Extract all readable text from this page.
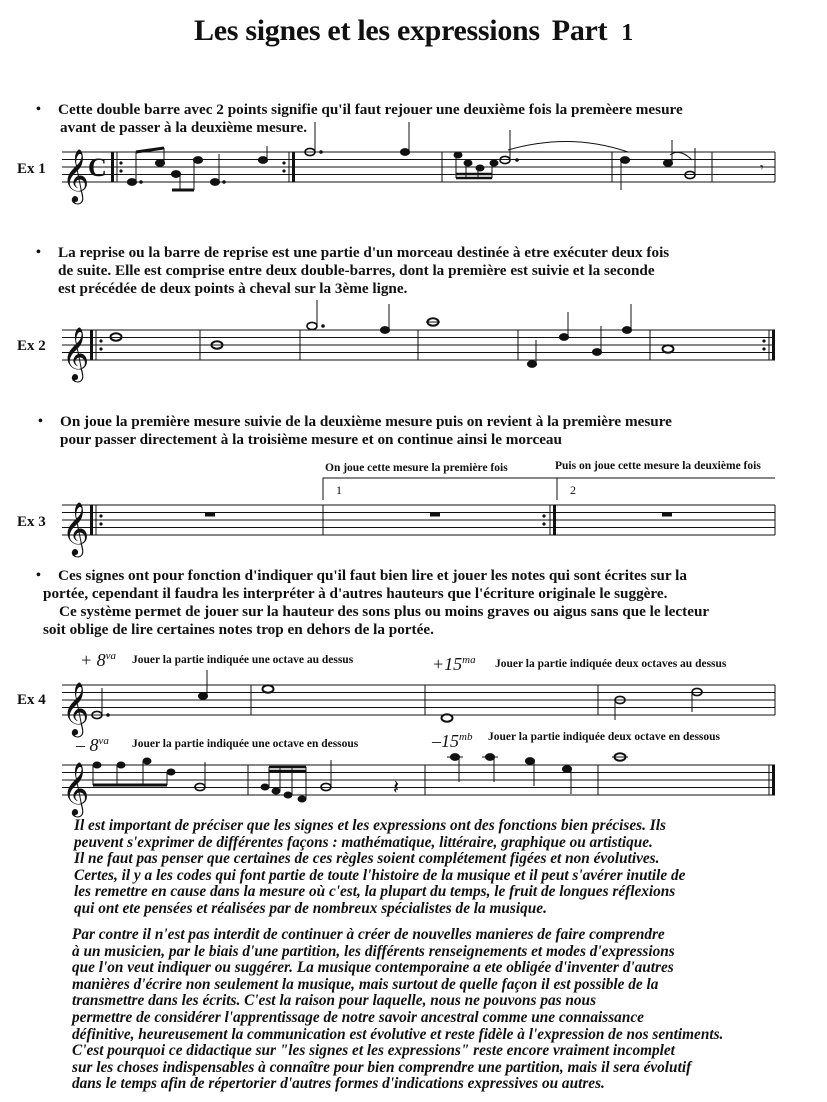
Les signes et les expressions Part 1
• Cette double barre avec 2 points signifie qu'il faut rejouer une deuxième fois la premèere mesure
avant de passer à la deuxième mesure.
• La reprise ou la barre de reprise est une partie d'un morceau destinée à etre exécuter deux fois
de suite. Elle est comprise entre deux double-barres, dont la première est suivie et la seconde
est précédée de deux points à cheval sur la 3ème ligne.
• On joue la première mesure suivie de la deuxième mesure puis on revient à la première mesure
pour passer directement à la troisième mesure et on continue ainsi le morceau
• Ces signes ont pour fonction d'indiquer qu'il faut bien lire et jouer les notes qui sont écrites sur la
portée, cependant il faudra les interpréter à d'autres hauteurs que l'écriture originale le suggère.
Ce système permet de jouer sur la hauteur des sons plus ou moins graves ou aigus sans que le lecteur
soit oblige de lire certaines notes trop en dehors de la portée.
Ex 1
Ex 2
Ex 3
Ex 4
On joue cette mesure la première fois	Puis on joue cette mesure la deuxième fois
1	2
+ $8^{va}$ Jouer la partie indiquée une octave au dessus	$+15^{ma}$ Jouer la partie indiquée deux octaves au dessus
– $8^{va}$ Jouer la partie indiquée une octave en dessous	$-15^{mb}$ Jouer la partie indiquée deux octave en dessous
𝄞
𝄞
𝄞
𝄞
𝄞
C	𝄾
𝄽
Il est important de préciser que les signes et les expressions ont des fonctions bien précises. Ils
peuvent s'exprimer de différentes façons : mathématique, littéraire, graphique ou artistique.
Il ne faut pas penser que certaines de ces règles soient complétement figées et non évolutives.
Certes, il y a les codes qui font partie de toute l'histoire de la musique et il peut s'avérer inutile de
les remettre en cause dans la mesure où c'est, la plupart du temps, le fruit de longues réflexions
qui ont ete pensées et réalisées par de nombreux spécialistes de la musique.
Par contre il n'est pas interdit de continuer à créer de nouvelles manieres de faire comprendre
à un musicien, par le biais d'une partition, les différents renseignements et modes d'expressions
que l'on veut indiquer ou suggérer. La musique contemporaine a ete obligée d'inventer d'autres
manières d'écrire non seulement la musique, mais surtout de quelle façon il est possible de la
transmettre dans les écrits. C'est la raison pour laquelle, nous ne pouvons pas nous
permettre de considérer l'apprentissage de notre savoir ancestral comme une connaissance
définitive, heureusement la communication est évolutive et reste fidèle à l'expression de nos sentiments.
C'est pourquoi ce didactique sur "les signes et les expressions" reste encore vraiment incomplet
sur les choses indispensables à connaître pour bien comprendre une partition, mais il sera évolutif
dans le temps afin de répertorier d'autres formes d'indications expressives ou autres.
